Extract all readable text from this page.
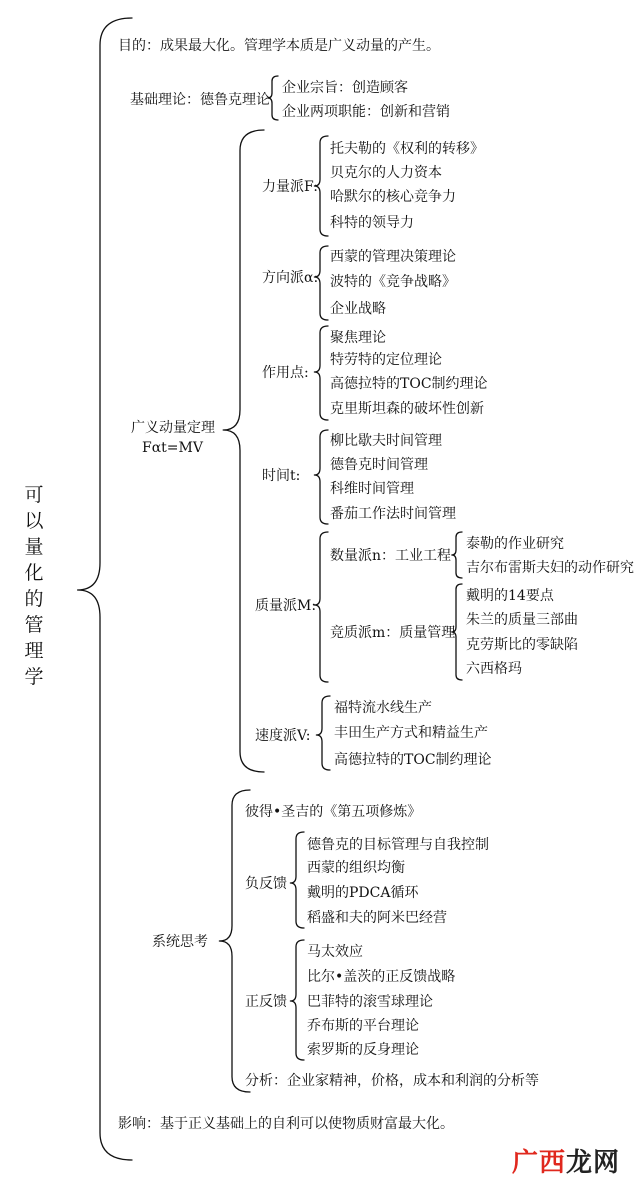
可以量化的管理学
目的：成果最大化。管理学本质是广义动量的产生。
基础理论：德鲁克理论
企业宗旨：创造顾客
企业两项职能：创新和营销
广义动量定理
Fαt=MV
力量派F:
托夫勒的《权利的转移》
贝克尔的人力资本
哈默尔的核心竞争力
科特的领导力
方向派α:
西蒙的管理决策理论
波特的《竞争战略》
企业战略
作用点:
聚焦理论
特劳特的定位理论
高德拉特的TOC制约理论
克里斯坦森的破坏性创新
时间t:
柳比歇夫时间管理
德鲁克时间管理
科维时间管理
番茄工作法时间管理
质量派M:
数量派n：工业工程
泰勒的作业研究
吉尔布雷斯夫妇的动作研究
竞质派m：质量管理
戴明的14要点
朱兰的质量三部曲
克劳斯比的零缺陷
六西格玛
速度派V:
福特流水线生产
丰田生产方式和精益生产
高德拉特的TOC制约理论
系统思考
彼得•圣吉的《第五项修炼》
负反馈
德鲁克的目标管理与自我控制
西蒙的组织均衡
戴明的PDCA循环
稻盛和夫的阿米巴经营
正反馈
马太效应
比尔•盖茨的正反馈战略
巴菲特的滚雪球理论
乔布斯的平台理论
索罗斯的反身理论
分析：企业家精神，价格，成本和利润的分析等
影响：基于正义基础上的自利可以使物质财富最大化。
广西龙网
